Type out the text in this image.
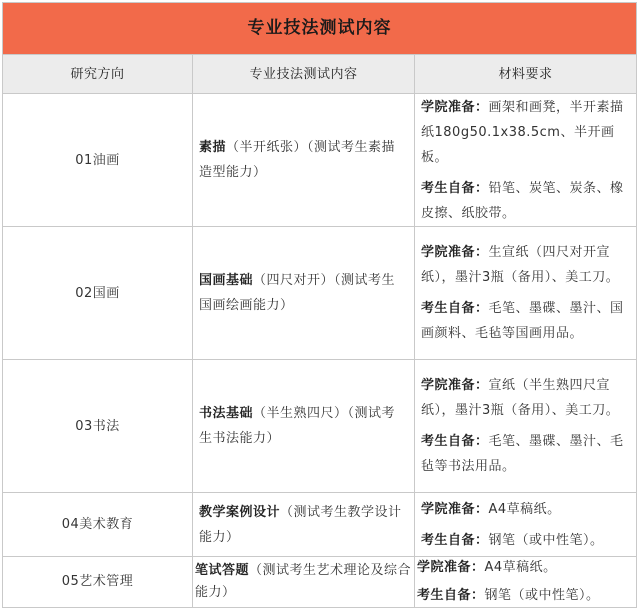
专业技法测试内容		
研究方向	专业技法测试内容	材料要求
01油画	素描（半开纸张）（测试考生素描造型能力）	学院准备：画架和画凳，半开素描纸180g50.1x38.5cm、半开画板。

考生自备：铅笔、炭笔、炭条、橡皮擦、纸胶带。

02国画	国画基础（四尺对开）（测试考生国画绘画能力）	学院准备：生宣纸（四尺对开宣纸），墨汁3瓶（备用）、美工刀。

考生自备：毛笔、墨碟、墨汁、国画颜料、毛毡等国画用品。

03书法	书法基础（半生熟四尺）（测试考生书法能力）	学院准备：宣纸（半生熟四尺宣纸），墨汁3瓶（备用）、美工刀。

考生自备：毛笔、墨碟、墨汁、毛毡等书法用品。

04美术教育	教学案例设计（测试考生教学设计能力）	学院准备：A4草稿纸。

考生自备：钢笔（或中性笔）。

05艺术管理	笔试答题（测试考生艺术理论及综合能力）	学院准备：A4草稿纸。

考生自备：钢笔（或中性笔）。
